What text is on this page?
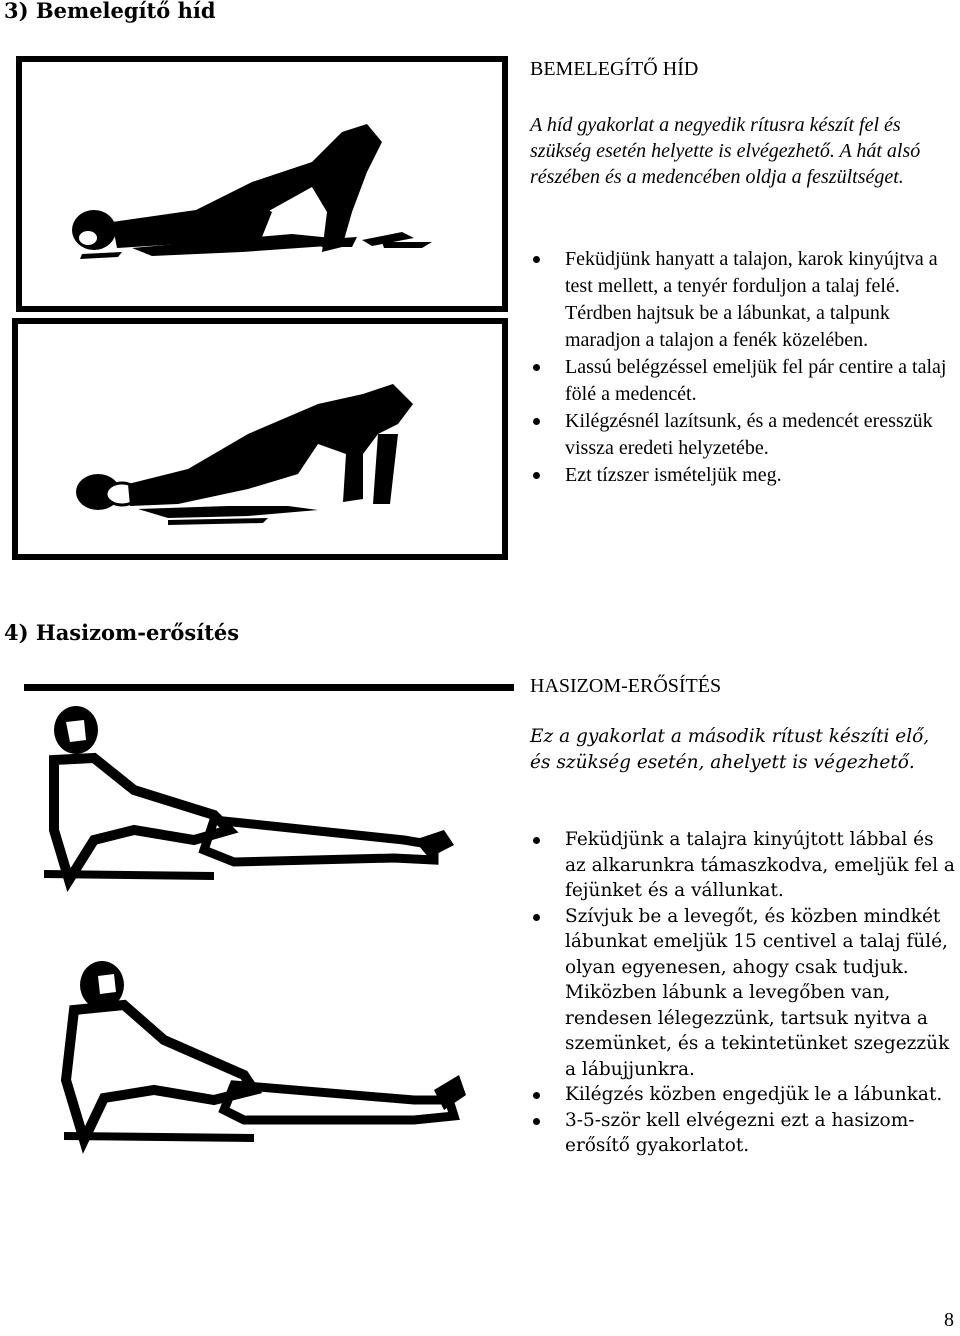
3) Bemelegítő híd
BEMELEGÍTŐ HÍD

A híd gyakorlat a negyedik rítusra készít fel és szükség esetén helyette is elvégezhető. A hát alsó részében és a medencében oldja a feszültséget.

Feküdjünk hanyatt a talajon, karok kinyújtva a test mellett, a tenyér forduljon a talaj felé. Térdben hajtsuk be a lábunkat, a talpunk maradjon a talajon a fenék közelében.
Lassú belégzéssel emeljük fel pár centire a talaj fölé a medencét.
Kilégzésnél lazítsunk, és a medencét eresszük vissza eredeti helyzetébe.
Ezt tízszer ismételjük meg.
4) Hasizom-erősítés
HASIZOM-ERŐSÍTÉS

Ez a gyakorlat a második rítust készíti elő, és szükség esetén, ahelyett is végezhető.

Feküdjünk a talajra kinyújtott lábbal és az alkarunkra támaszkodva, emeljük fel a fejünket és a vállunkat.
Szívjuk be a levegőt, és közben mindkét lábunkat emeljük 15 centivel a talaj fülé, olyan egyenesen, ahogy csak tudjuk. Miközben lábunk a levegőben van, rendesen lélegezzünk, tartsuk nyitva a szemünket, és a tekintetünket szegezzük a lábujjunkra.
Kilégzés közben engedjük le a lábunkat.
3-5-ször kell elvégezni ezt a hasizom-erősítő gyakorlatot.
8
